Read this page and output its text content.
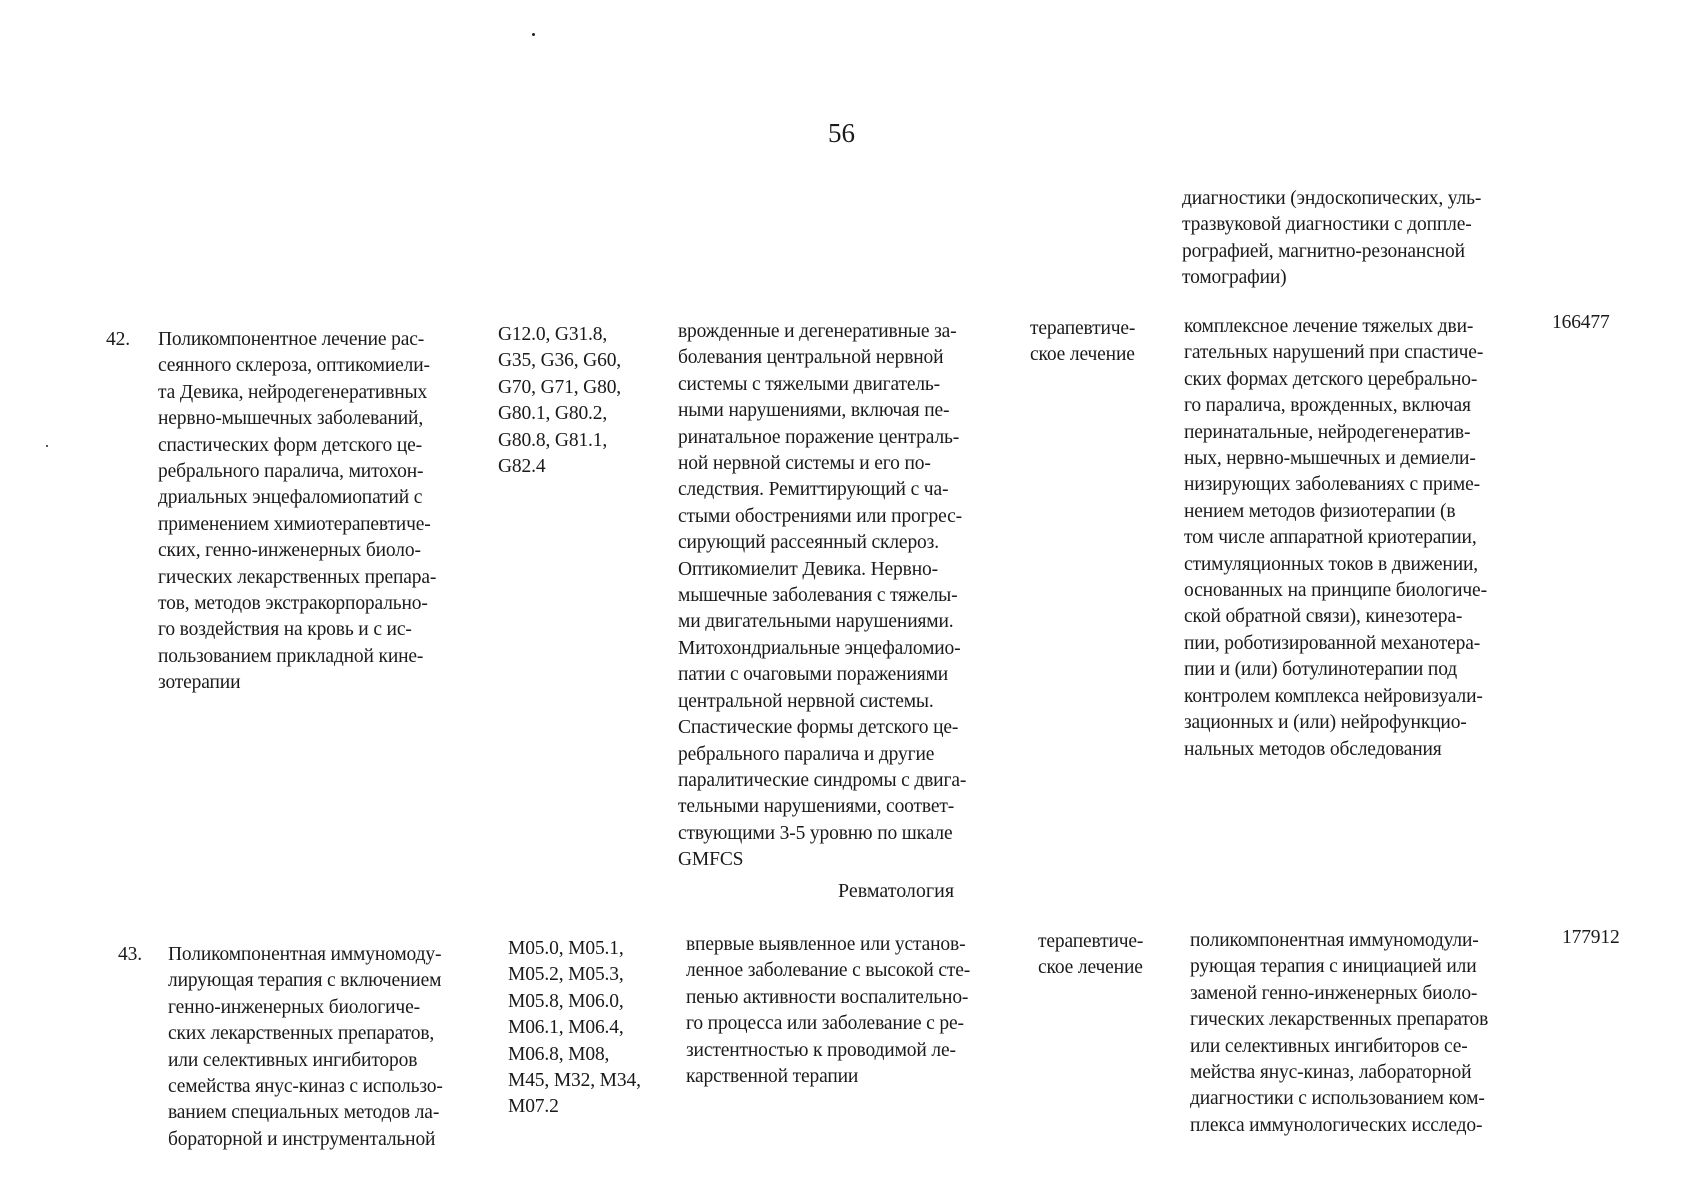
56
диагностики (эндоскопических, уль-
тразвуковой диагностики с доппле-
рографией, магнитно-резонансной
томографии)
42. Поликомпонентное лечение рас-
сеянного склероза, оптикомиели-
та Девика, нейродегенеративных
нервно-мышечных заболеваний,
спастических форм детского це-
ребрального паралича, митохон-
дриальных энцефаломиопатий с
применением химиотерапевтиче-
ских, генно-инженерных биоло-
гических лекарственных препара-
тов, методов экстракорпорально-
го воздействия на кровь и с ис-
пользованием прикладной кине-
зотерапии
G12.0, G31.8,
G35, G36, G60,
G70, G71, G80,
G80.1, G80.2,
G80.8, G81.1,
G82.4
врожденные и дегенеративные за-
болевания центральной нервной
системы с тяжелыми двигатель-
ными нарушениями, включая пе-
ринатальное поражение централь-
ной нервной системы и его по-
следствия. Ремиттирующий с ча-
стыми обострениями или прогрес-
сирующий рассеянный склероз.
Оптикомиелит Девика. Нервно-
мышечные заболевания с тяжелы-
ми двигательными нарушениями.
Митохондриальные энцефаломио-
патии с очаговыми поражениями
центральной нервной системы.
Спастические формы детского це-
ребрального паралича и другие
паралитические синдромы с двига-
тельными нарушениями, соответ-
ствующими 3-5 уровню по шкале
GMFCS
терапевтиче-
ское лечение
комплексное лечение тяжелых дви-
гательных нарушений при спастиче-
ских формах детского церебрально-
го паралича, врожденных, включая
перинатальные, нейродегенератив-
ных, нервно-мышечных и демиели-
низирующих заболеваниях с приме-
нением методов физиотерапии (в
том числе аппаратной криотерапии,
стимуляционных токов в движении,
основанных на принципе биологиче-
ской обратной связи), кинезотера-
пии, роботизированной механотера-
пии и (или) ботулинотерапии под
контролем комплекса нейровизуали-
зационных и (или) нейрофункцио-
нальных методов обследования
166477
Ревматология
43. Поликомпонентная иммуномоду-
лирующая терапия с включением
генно-инженерных биологиче-
ских лекарственных препаратов,
или селективных ингибиторов
семейства янус-киназ с использо-
ванием специальных методов ла-
бораторной и инструментальной
M05.0, M05.1,
M05.2, M05.3,
M05.8, M06.0,
M06.1, M06.4,
M06.8, M08,
M45, M32, M34,
M07.2
впервые выявленное или установ-
ленное заболевание с высокой сте-
пенью активности воспалительно-
го процесса или заболевание с ре-
зистентностью к проводимой ле-
карственной терапии
терапевтиче-
ское лечение
поликомпонентная иммуномодули-
рующая терапия с инициацией или
заменой генно-инженерных биоло-
гических лекарственных препаратов
или селективных ингибиторов се-
мейства янус-киназ, лабораторной
диагностики с использованием ком-
плекса иммунологических исследо-
177912
